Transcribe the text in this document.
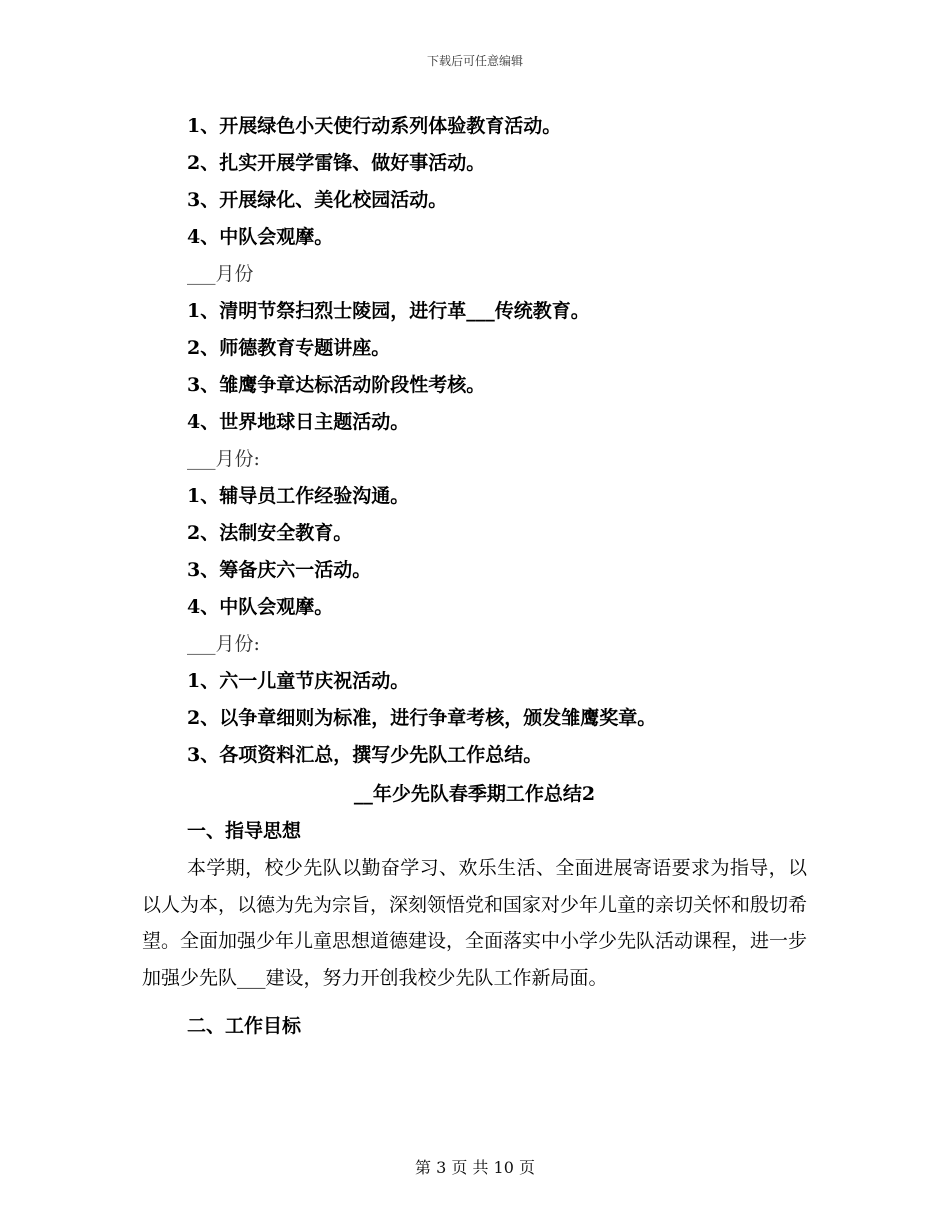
下载后可任意编辑
1、开展绿色小天使行动系列体验教育活动。
2、扎实开展学雷锋、做好事活动。
3、开展绿化、美化校园活动。
4、中队会观摩。
___月份
1、清明节祭扫烈士陵园，进行革___传统教育。
2、师德教育专题讲座。
3、雏鹰争章达标活动阶段性考核。
4、世界地球日主题活动。
___月份:
1、辅导员工作经验沟通。
2、法制安全教育。
3、筹备庆六一活动。
4、中队会观摩。
___月份:
1、六一儿童节庆祝活动。
2、以争章细则为标准，进行争章考核，颁发雏鹰奖章。
3、各项资料汇总，撰写少先队工作总结。
__年少先队春季期工作总结2
一、指导思想

本学期，校少先队以勤奋学习、欢乐生活、全面进展寄语要求为指导，以以人为本，以德为先为宗旨，深刻领悟党和国家对少年儿童的亲切关怀和殷切希望。全面加强少年儿童思想道德建设，全面落实中小学少先队活动课程，进一步加强少先队___建设，努力开创我校少先队工作新局面。

二、工作目标
第 3 页 共 10 页
